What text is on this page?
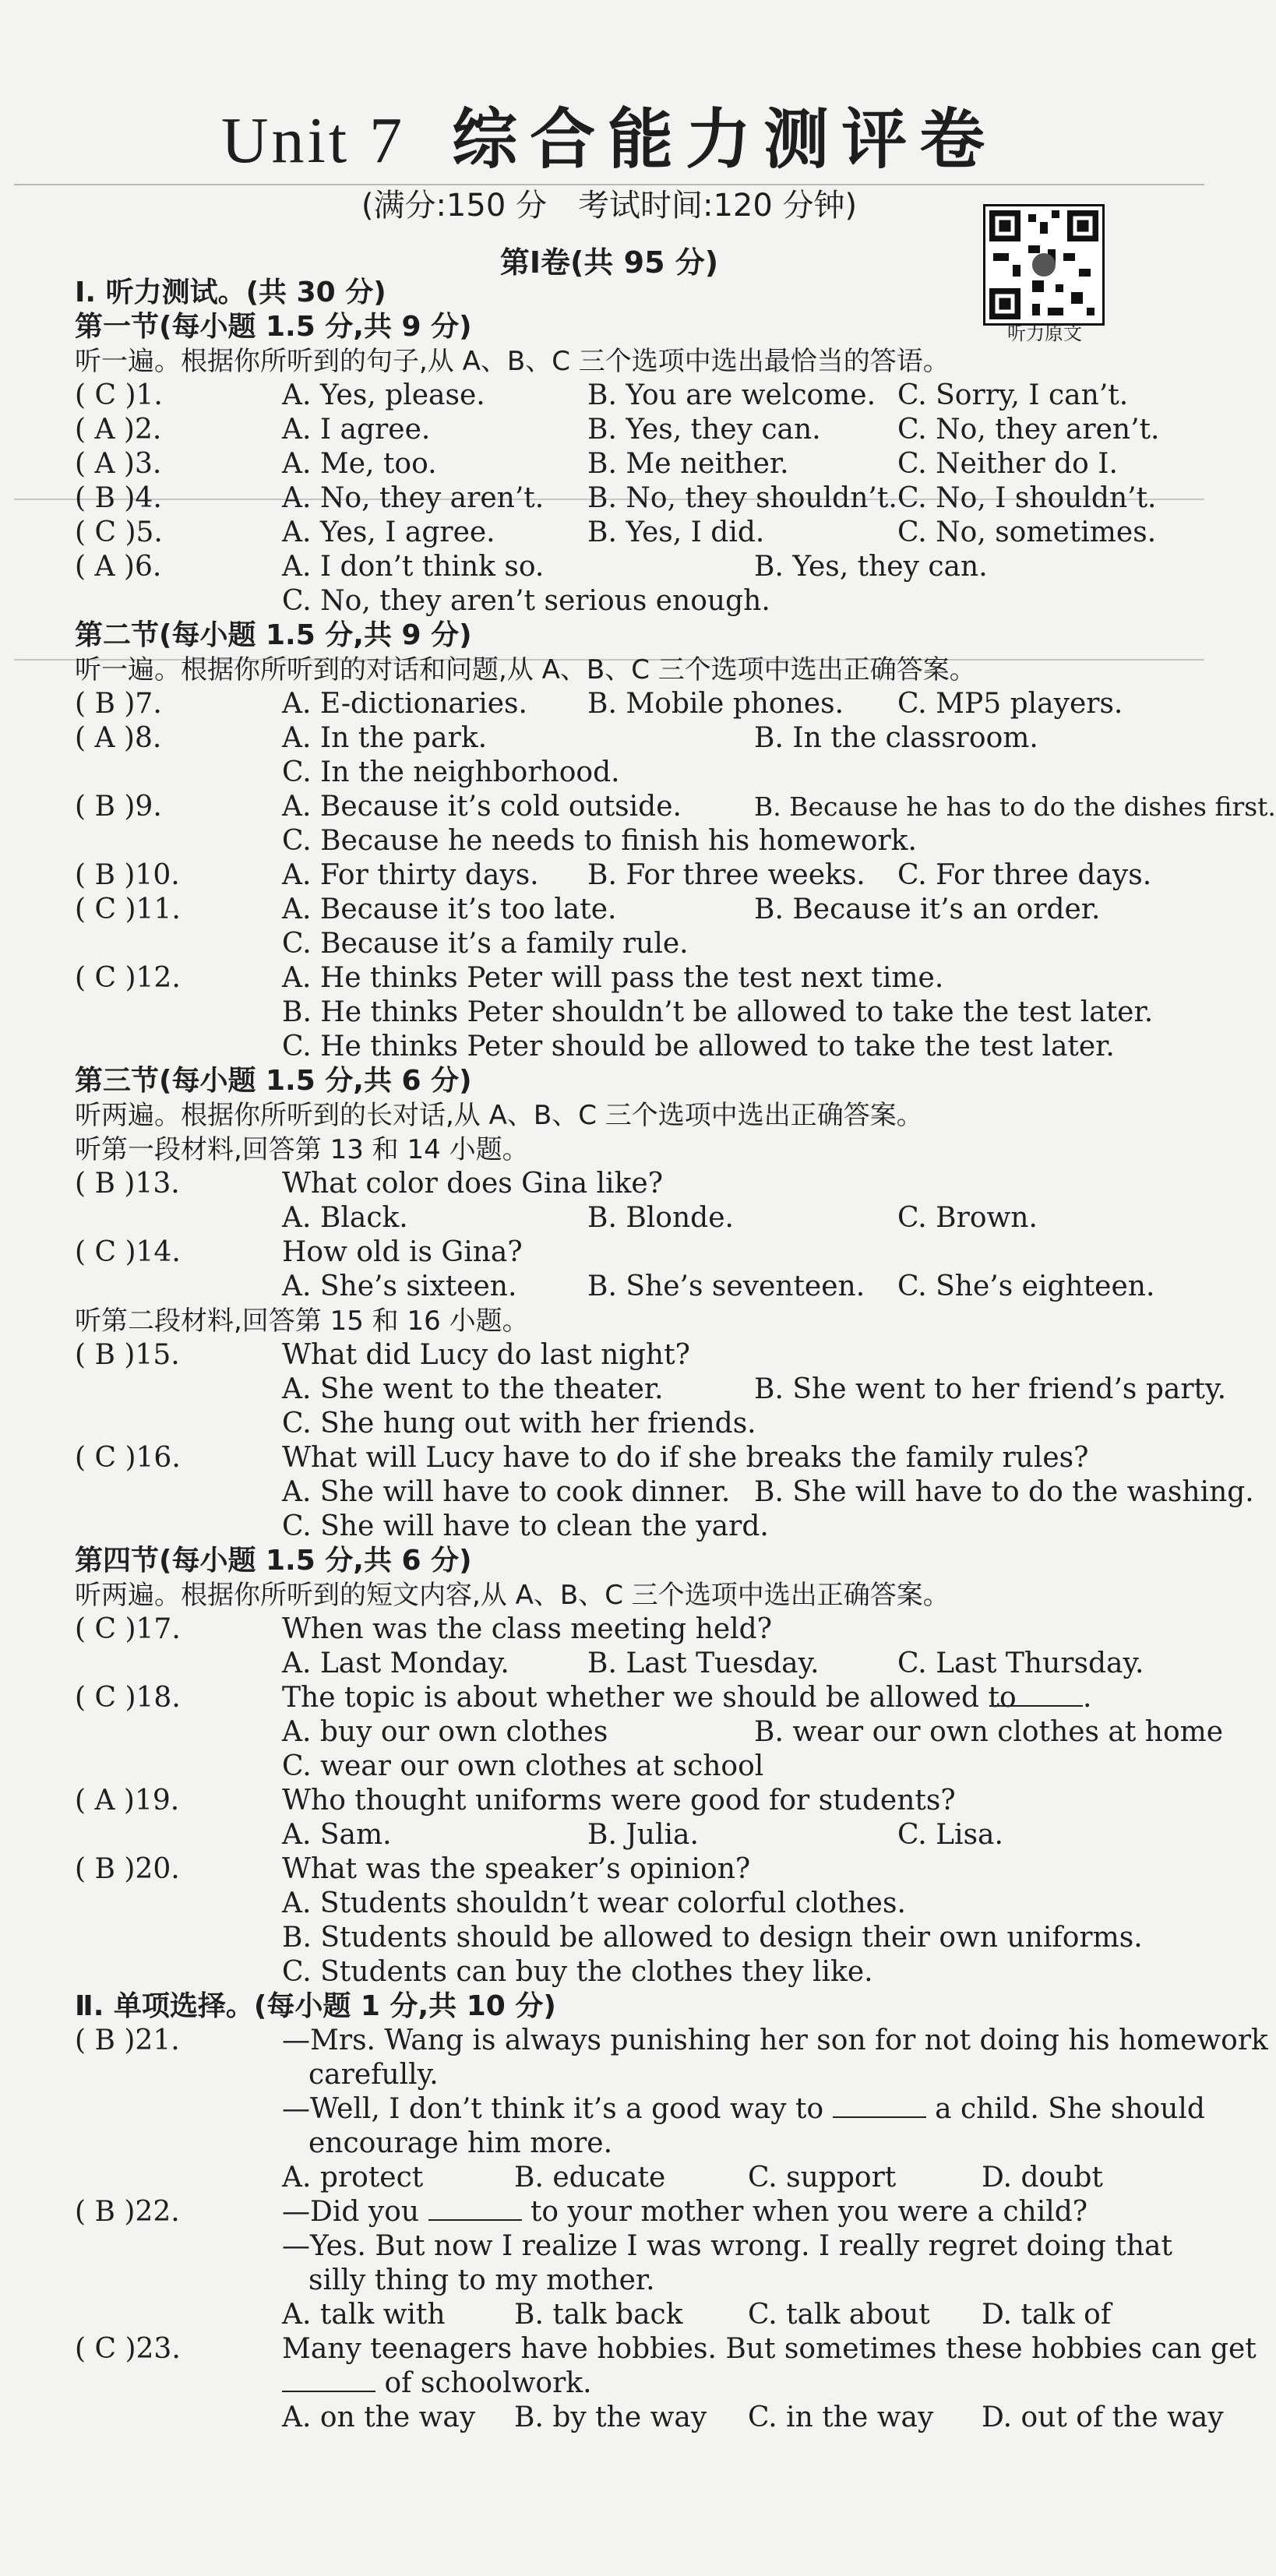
Unit 7 综合能力测评卷
(满分:150 分　考试时间:120 分钟)
听力原文
第Ⅰ卷(共 95 分)
Ⅰ. 听力测试。(共 30 分)
第一节(每小题 1.5 分,共 9 分)
听一遍。根据你所听到的句子,从 A、B、C 三个选项中选出最恰当的答语。
( C )1.	A. Yes, please.	B. You are welcome. C. Sorry, I can’t.
( A )2.	A. I agree.	B. Yes, they can.	C. No, they aren’t.
( A )3.	A. Me, too.	B. Me neither.	C. Neither do I.
( B )4.	A. No, they aren’t. B. No, they shouldn’t. C. No, I shouldn’t.
( C )5.	A. Yes, I agree.	B. Yes, I did.	C. No, sometimes.
( A )6.	A. I don’t think so.	B. Yes, they can.
C. No, they aren’t serious enough.
第二节(每小题 1.5 分,共 9 分)
听一遍。根据你所听到的对话和问题,从 A、B、C 三个选项中选出正确答案。
( B )7.	A. E-dictionaries. B. Mobile phones. C. MP5 players.
( A )8.	A. In the park.	B. In the classroom.
C. In the neighborhood.
( B )9.	A. Because it’s cold outside.	B. Because he has to do the dishes first.
C. Because he needs to finish his homework.
( B )10.	A. For thirty days. B. For three weeks. C. For three days.
( C )11.	A. Because it’s too late.	B. Because it’s an order.
C. Because it’s a family rule.
( C )12.	A. He thinks Peter will pass the test next time.
B. He thinks Peter shouldn’t be allowed to take the test later.
C. He thinks Peter should be allowed to take the test later.
第三节(每小题 1.5 分,共 6 分)
听两遍。根据你所听到的长对话,从 A、B、C 三个选项中选出正确答案。
听第一段材料,回答第 13 和 14 小题。
( B )13.	What color does Gina like?
A. Black.	B. Blonde.	C. Brown.
( C )14.	How old is Gina?
A. She’s sixteen.	B. She’s seventeen. C. She’s eighteen.
听第二段材料,回答第 15 和 16 小题。
( B )15.	What did Lucy do last night?
A. She went to the theater.	B. She went to her friend’s party.
C. She hung out with her friends.
( C )16.	What will Lucy have to do if she breaks the family rules?
A. She will have to cook dinner. B. She will have to do the washing.
C. She will have to clean the yard.
第四节(每小题 1.5 分,共 6 分)
听两遍。根据你所听到的短文内容,从 A、B、C 三个选项中选出正确答案。
( C )17.	When was the class meeting held?
A. Last Monday.	B. Last Tuesday.	C. Last Thursday.
( C )18.	The topic is about whether we should be allowed to	.
A. buy our own clothes	B. wear our own clothes at home
C. wear our own clothes at school
( A )19.	Who thought uniforms were good for students?
A. Sam.	B. Julia.	C. Lisa.
( B )20.	What was the speaker’s opinion?
A. Students shouldn’t wear colorful clothes.
B. Students should be allowed to design their own uniforms.
C. Students can buy the clothes they like.
Ⅱ. 单项选择。(每小题 1 分,共 10 分)
( B )21.	—Mrs. Wang is always punishing her son for not doing his homework
carefully.
—Well, I don’t think it’s a good way to	a child. She should
encourage him more.
A. protect	B. educate	C. support	D. doubt
( B )22.	—Did you	to your mother when you were a child?
—Yes. But now I realize I was wrong. I really regret doing that
silly thing to my mother.
A. talk with B. talk back C. talk about D. talk of
( C )23.	Many teenagers have hobbies. But sometimes these hobbies can get
of schoolwork.
A. on the way B. by the way C. in the way D. out of the way
